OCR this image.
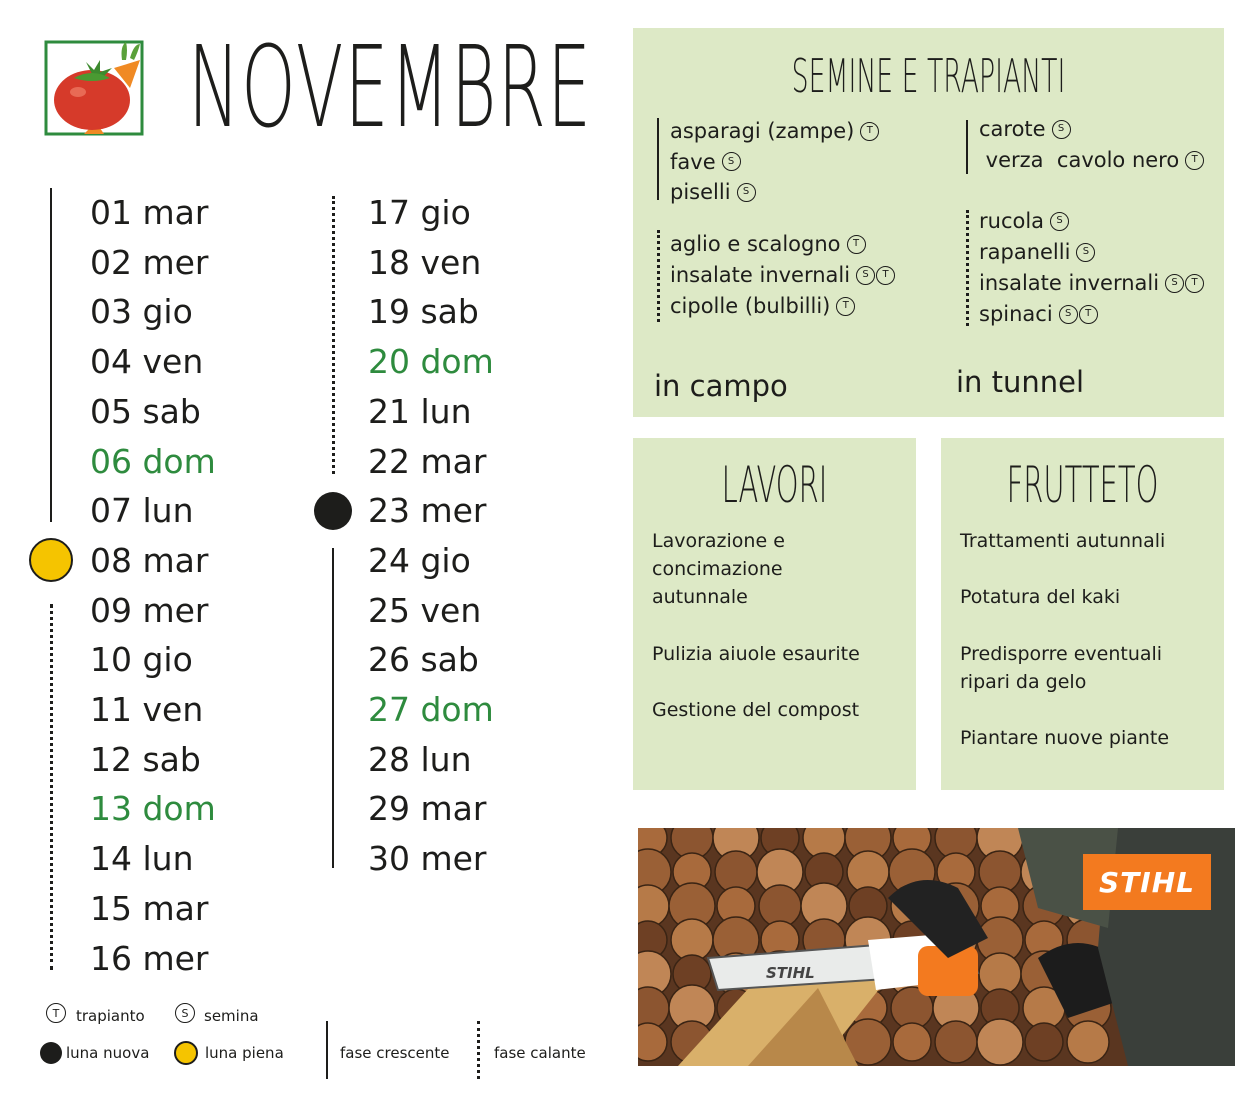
NOVEMBRE
01 mar
02 mer
03 gio
04 ven
05 sab
06 dom
07 lun
08 mar
09 mer
10 gio
11 ven
12 sab
13 dom
14 lun
15 mar
16 mer
17 gio
18 ven
19 sab
20 dom
21 lun
22 mar
23 mer
24 gio
25 ven
26 sab
27 dom
28 lun
29 mar
30 mer
T	trapianto	S	semina
luna nuova	luna piena	fase crescente	fase calante
SEMINE E TRAPIANTI
asparagi (zampe)	T
fave	S
piselli	S
aglio e scalogno	T
insalate invernali	S	T
cipolle (bulbilli)	T
carote	S
verza  cavolo nero	T
rucola	S
rapanelli	S
insalate invernali	S	T
spinaci	S	T
in campo	in tunnel
LAVORI
Lavorazione e concimazione autunnale
Pulizia aiuole esaurite
Gestione del compost
FRUTTETO
Trattamenti autunnali
Potatura del kaki
Predisporre eventuali ripari da gelo
Piantare nuove piante
STIHL
STIHL
